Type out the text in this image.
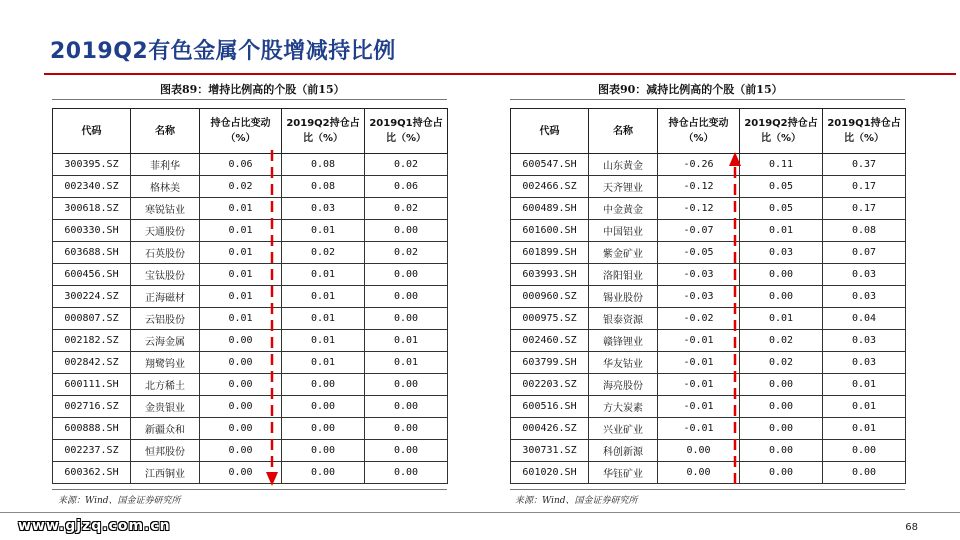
2019Q2有色金属个股增减持比例
图表89：增持比例高的个股（前15）	图表90：减持比例高的个股（前15）
代码	名称	持仓占比变动（%）	2019Q2持仓占比（%）	2019Q1持仓占比（%）
300395.SZ	菲利华	0.06	0.08	0.02
002340.SZ	格林美	0.02	0.08	0.06
300618.SZ	寒锐钴业	0.01	0.03	0.02
600330.SH	天通股份	0.01	0.01	0.00
603688.SH	石英股份	0.01	0.02	0.02
600456.SH	宝钛股份	0.01	0.01	0.00
300224.SZ	正海磁材	0.01	0.01	0.00
000807.SZ	云铝股份	0.01	0.01	0.00
002182.SZ	云海金属	0.00	0.01	0.01
002842.SZ	翔鹭钨业	0.00	0.01	0.01
600111.SH	北方稀土	0.00	0.00	0.00
002716.SZ	金贵银业	0.00	0.00	0.00
600888.SH	新疆众和	0.00	0.00	0.00
002237.SZ	恒邦股份	0.00	0.00	0.00
600362.SH	江西铜业	0.00	0.00	0.00
代码	名称	持仓占比变动（%）	2019Q2持仓占比（%）	2019Q1持仓占比（%）
600547.SH	山东黄金	-0.26	0.11	0.37
002466.SZ	天齐锂业	-0.12	0.05	0.17
600489.SH	中金黄金	-0.12	0.05	0.17
601600.SH	中国铝业	-0.07	0.01	0.08
601899.SH	紫金矿业	-0.05	0.03	0.07
603993.SH	洛阳钼业	-0.03	0.00	0.03
000960.SZ	锡业股份	-0.03	0.00	0.03
000975.SZ	银泰资源	-0.02	0.01	0.04
002460.SZ	赣锋锂业	-0.01	0.02	0.03
603799.SH	华友钴业	-0.01	0.02	0.03
002203.SZ	海亮股份	-0.01	0.00	0.01
600516.SH	方大炭素	-0.01	0.00	0.01
000426.SZ	兴业矿业	-0.01	0.00	0.01
300731.SZ	科创新源	0.00	0.00	0.00
601020.SH	华钰矿业	0.00	0.00	0.00
来源：Wind、国金证券研究所	来源：Wind、国金证券研究所
www.gjzq.com.cn	68
